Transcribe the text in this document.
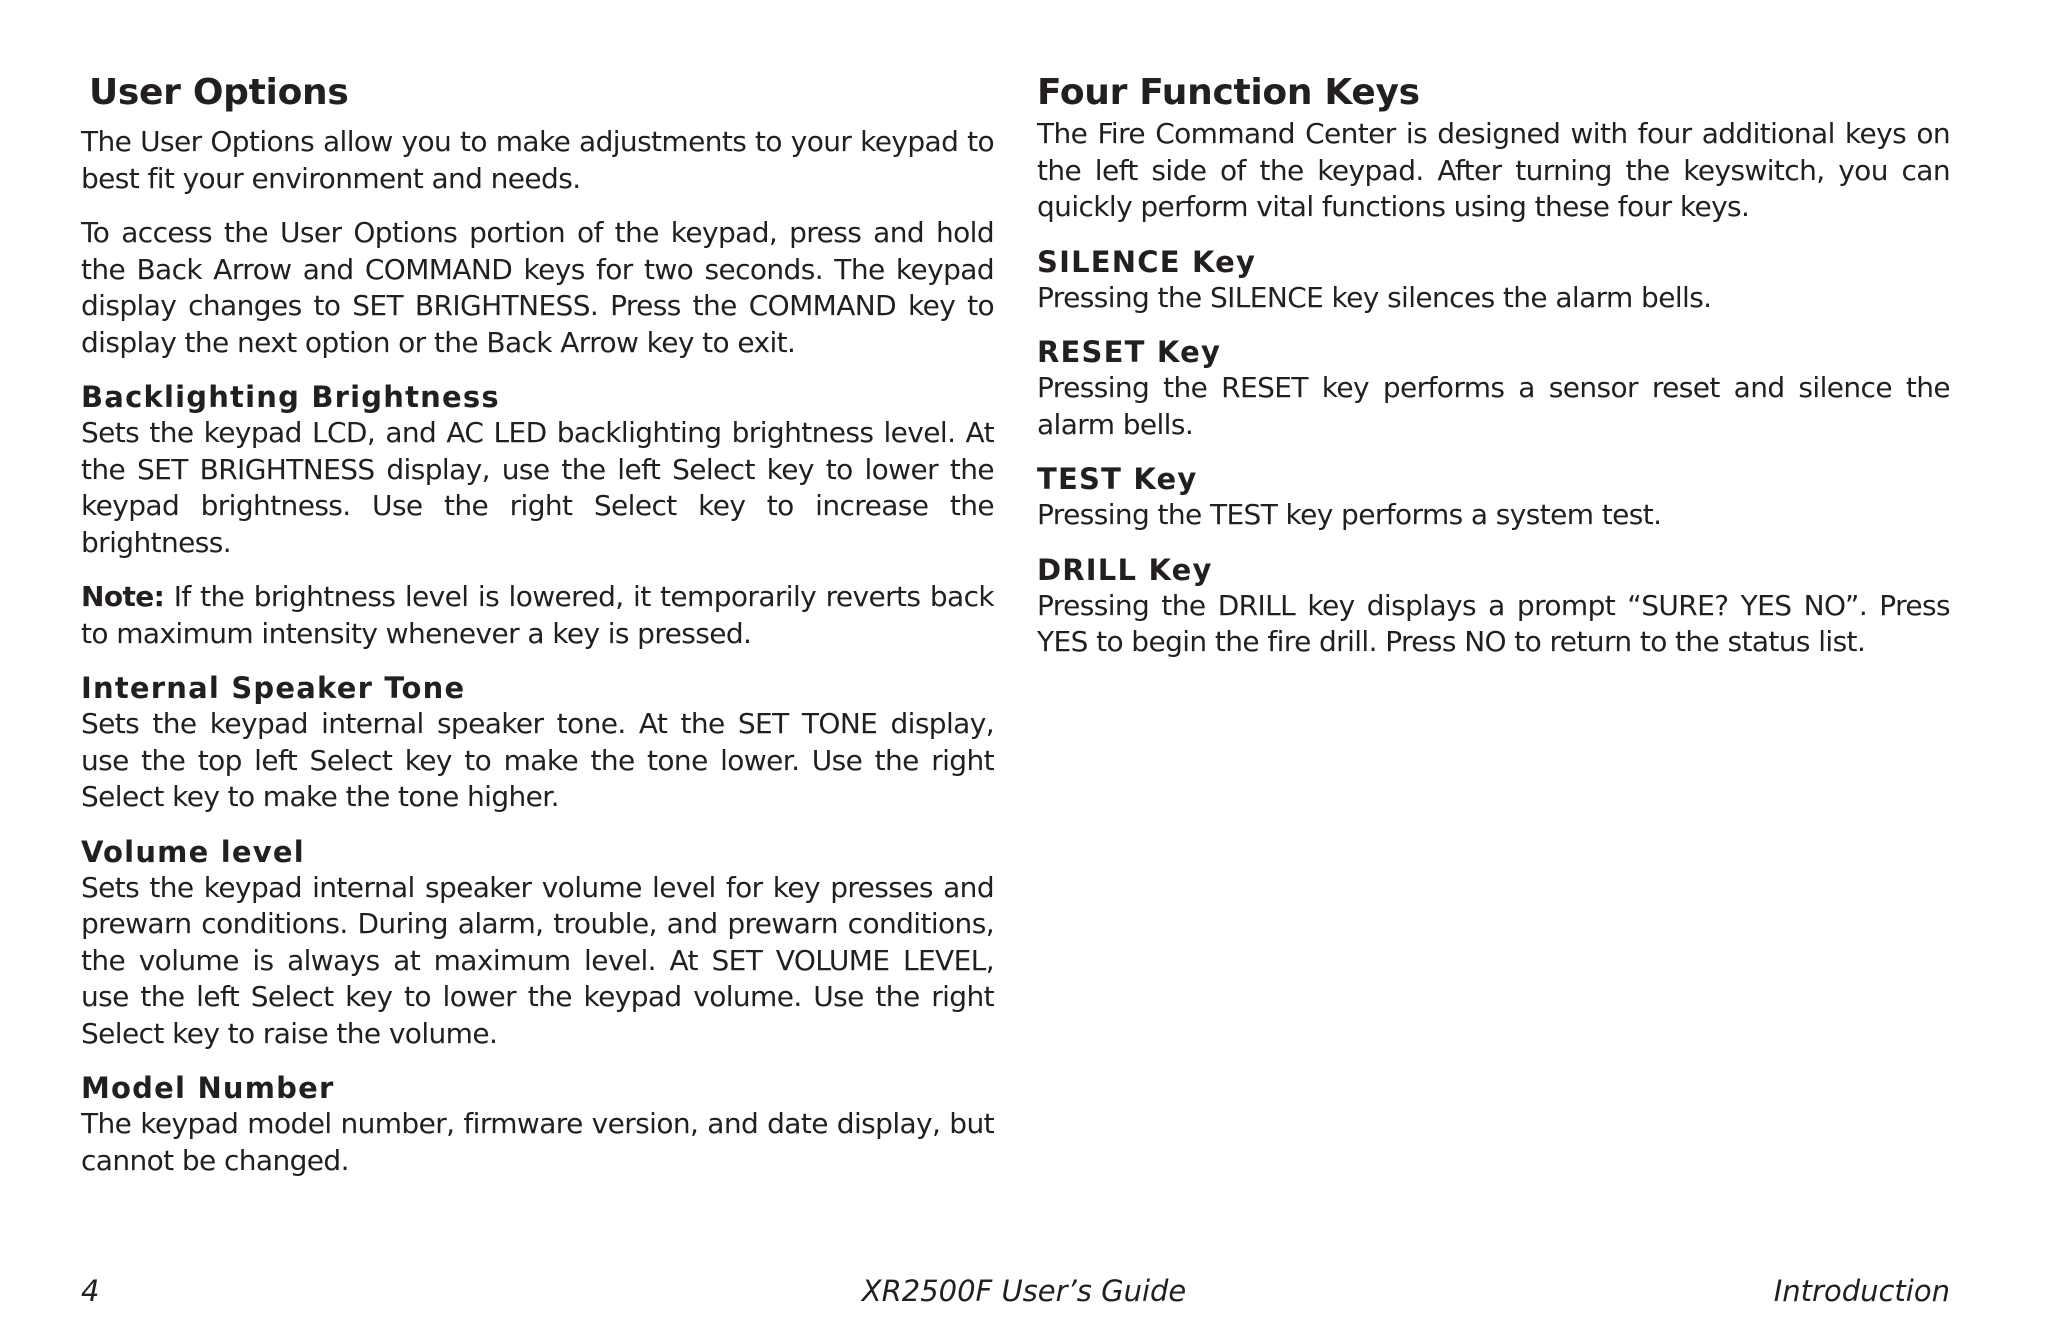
User Options

The User Options allow you to make adjustments to your keypad to best fit your environment and needs.

To access the User Options portion of the keypad, press and hold the Back Arrow and COMMAND keys for two seconds. The keypad display changes to SET BRIGHTNESS. Press the COMMAND key to display the next option or the Back Arrow key to exit.

Backlighting Brightness

Sets the keypad LCD, and AC LED backlighting brightness level. At the SET BRIGHTNESS display, use the left Select key to lower the keypad brightness. Use the right Select key to increase the brightness.

Note: If the brightness level is lowered, it temporarily reverts back to maximum intensity whenever a key is pressed.

Internal Speaker Tone

Sets the keypad internal speaker tone. At the SET TONE display, use the top left Select key to make the tone lower. Use the right Select key to make the tone higher.

Volume level

Sets the keypad internal speaker volume level for key presses and prewarn conditions. During alarm, trouble, and prewarn conditions, the volume is always at maximum level. At SET VOLUME LEVEL, use the left Select key to lower the keypad volume. Use the right Select key to raise the volume.

Model Number

The keypad model number, firmware version, and date display, but cannot be changed.

Four Function Keys

The Fire Command Center is designed with four additional keys on the left side of the keypad. After turning the keyswitch, you can quickly perform vital functions using these four keys.

SILENCE Key

Pressing the SILENCE key silences the alarm bells.

RESET Key

Pressing the RESET key performs a sensor reset and silence the alarm bells.

TEST Key

Pressing the TEST key performs a system test.

DRILL Key

Pressing the DRILL key displays a prompt “SURE? YES NO”. Press YES to begin the fire drill. Press NO to return to the status list.

4	XR2500F User’s Guide	Introduction
